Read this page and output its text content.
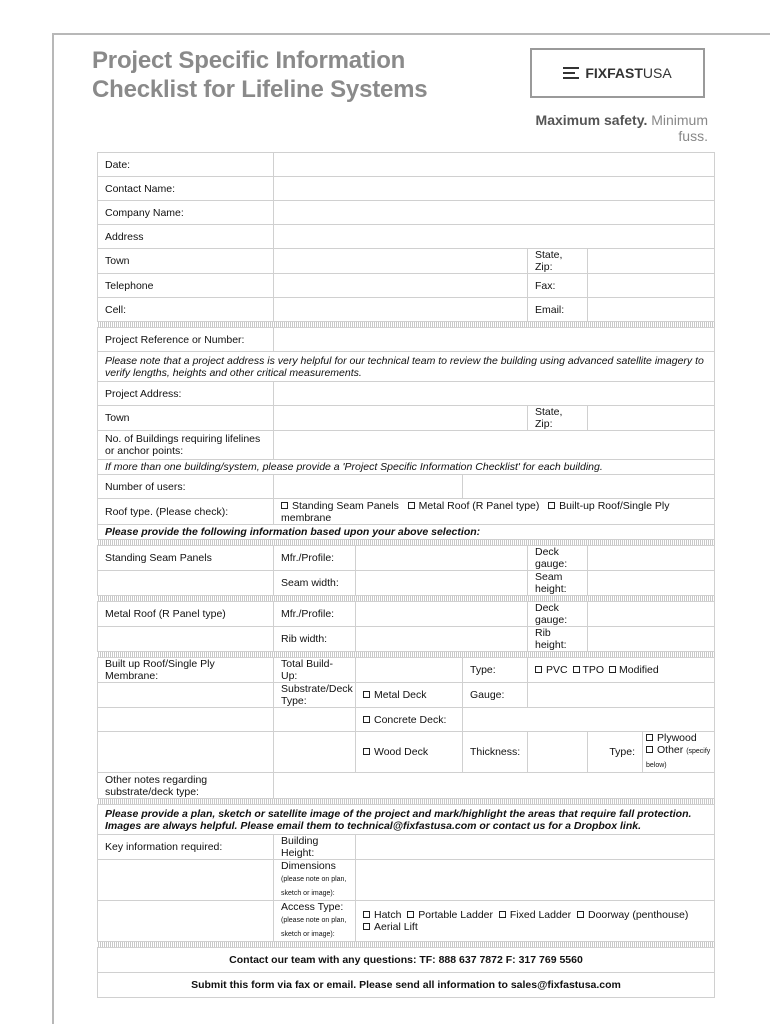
Project Specific Information
Checklist for Lifeline Systems
FIXFASTUSA
Maximum safety. Minimum fuss.
Date:						
Contact Name:						
Company Name:						
Address						
Town				State, Zip:		
Telephone				Fax:		
Cell:				Email:		

Project Reference or Number:						
Please note that a project address is very helpful for our technical team to review the building using advanced satellite imagery to verify lengths, heights and other critical measurements.						
Project Address:						
Town				State, Zip:		
No. of Buildings requiring lifelines or anchor points:						
If more than one building/system, please provide a 'Project Specific Information Checklist' for each building.						
Number of users:						
Roof type. (Please check):	Standing Seam Panels Metal Roof (R Panel type) Built-up Roof/Single Ply
membrane					
Please provide the following information based upon your above selection:						

Standing Seam Panels	Mfr./Profile:			Deck gauge:		
	Seam width:			Seam height:		

Metal Roof (R Panel type)	Mfr./Profile:			Deck gauge:		
	Rib width:			Rib height:		

Built up Roof/Single Ply Membrane:	Total Build-Up:		Type:	PVC TPO Modified		
	Substrate/Deck Type:	Metal Deck	Gauge:			
		Concrete Deck:				
		Wood Deck	Thickness:		Type:	Plywood
Other (specify below)

Other notes regarding substrate/deck type:						

Please provide a plan, sketch or satellite image of the project and mark/highlight the areas that require fall protection. Images are always helpful. Please email them to technical@fixfastusa.com or contact us for a Dropbox link.						
Key information required:	Building Height:					
	Dimensions (please note on plan, sketch or image):					
	Access Type: (please note on plan, sketch or image):	Hatch Portable Ladder Fixed Ladder Doorway (penthouse)
Aerial Lift				

Contact our team with any questions: TF: 888 637 7872 F: 317 769 5560						
Submit this form via fax or email. Please send all information to sales@fixfastusa.com						
